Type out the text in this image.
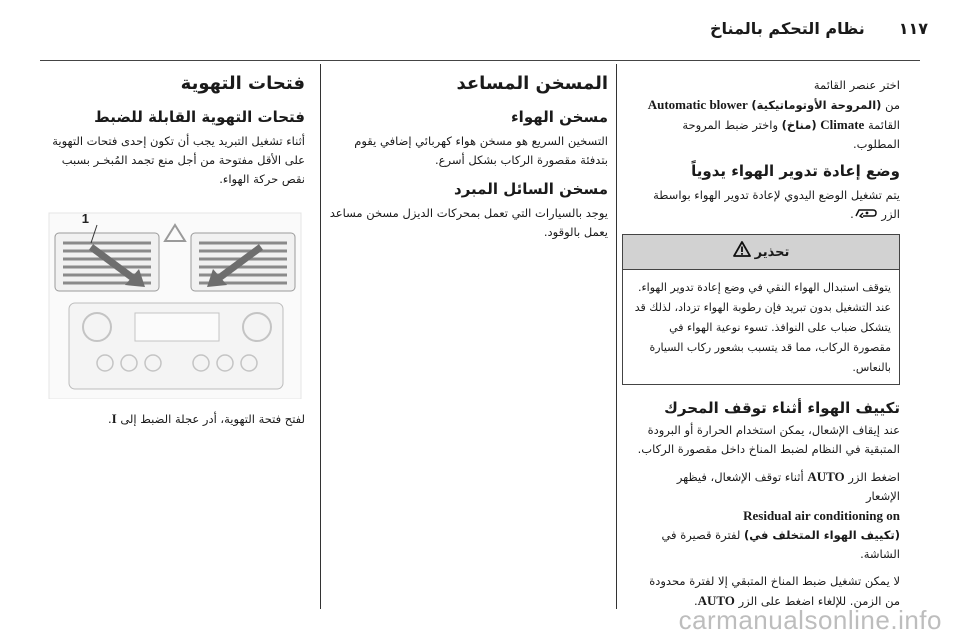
١١٧
نظام التحكم بالمناخ

اختر عنصر القائمة
من (المروحة الأوتوماتيكية) Automatic blower
القائمة Climate (مناخ) واختر ضبط المروحة
المطلوب.

وضع إعادة تدوير الهواء يدوياً

يتم تشغيل الوضع اليدوي لإعادة تدوير الهواء بواسطة
الزر .

تحذير
يتوقف استبدال الهواء النقي في وضع إعادة تدوير الهواء. عند التشغيل بدون تبريد فإن رطوبة الهواء تزداد، لذلك قد يتشكل ضباب على النوافذ. تسوء نوعية الهواء في مقصورة الركاب، مما قد يتسبب بشعور ركاب السيارة بالنعاس.
تكييف الهواء أثناء توقف المحرك

عند إيقاف الإشعال، يمكن استخدام الحرارة أو البرودة المتبقية في النظام لضبط المناخ داخل مقصورة الركاب.

اضغط الزر AUTO أثناء توقف الإشعال، فيظهر
الإشعار
Residual air conditioning on
(تكييف الهواء المتخلف في) لفترة قصيرة في الشاشة.

لا يمكن تشغيل ضبط المناخ المتبقي إلا لفترة محدودة
من الزمن. للإلغاء اضغط على الزر AUTO.

المسخن المساعد
مسخن الهواء

التسخين السريع هو مسخن هواء كهربائي إضافي يقوم بتدفئة مقصورة الركاب بشكل أسرع.

مسخن السائل المبرد

يوجد بالسيارات التي تعمل بمحركات الديزل مسخن مساعد يعمل بالوقود.

فتحات التهوية
فتحات التهوية القابلة للضبط

أثناء تشغيل التبريد يجب أن تكون إحدى فتحات التهوية على الأقل مفتوحة من أجل منع تجمد المُبخـر بسبب نقص حركة الهواء.

1

لفتح فتحة التهوية، أدر عجلة الضبط إلى I.

carmanualsonline.info
